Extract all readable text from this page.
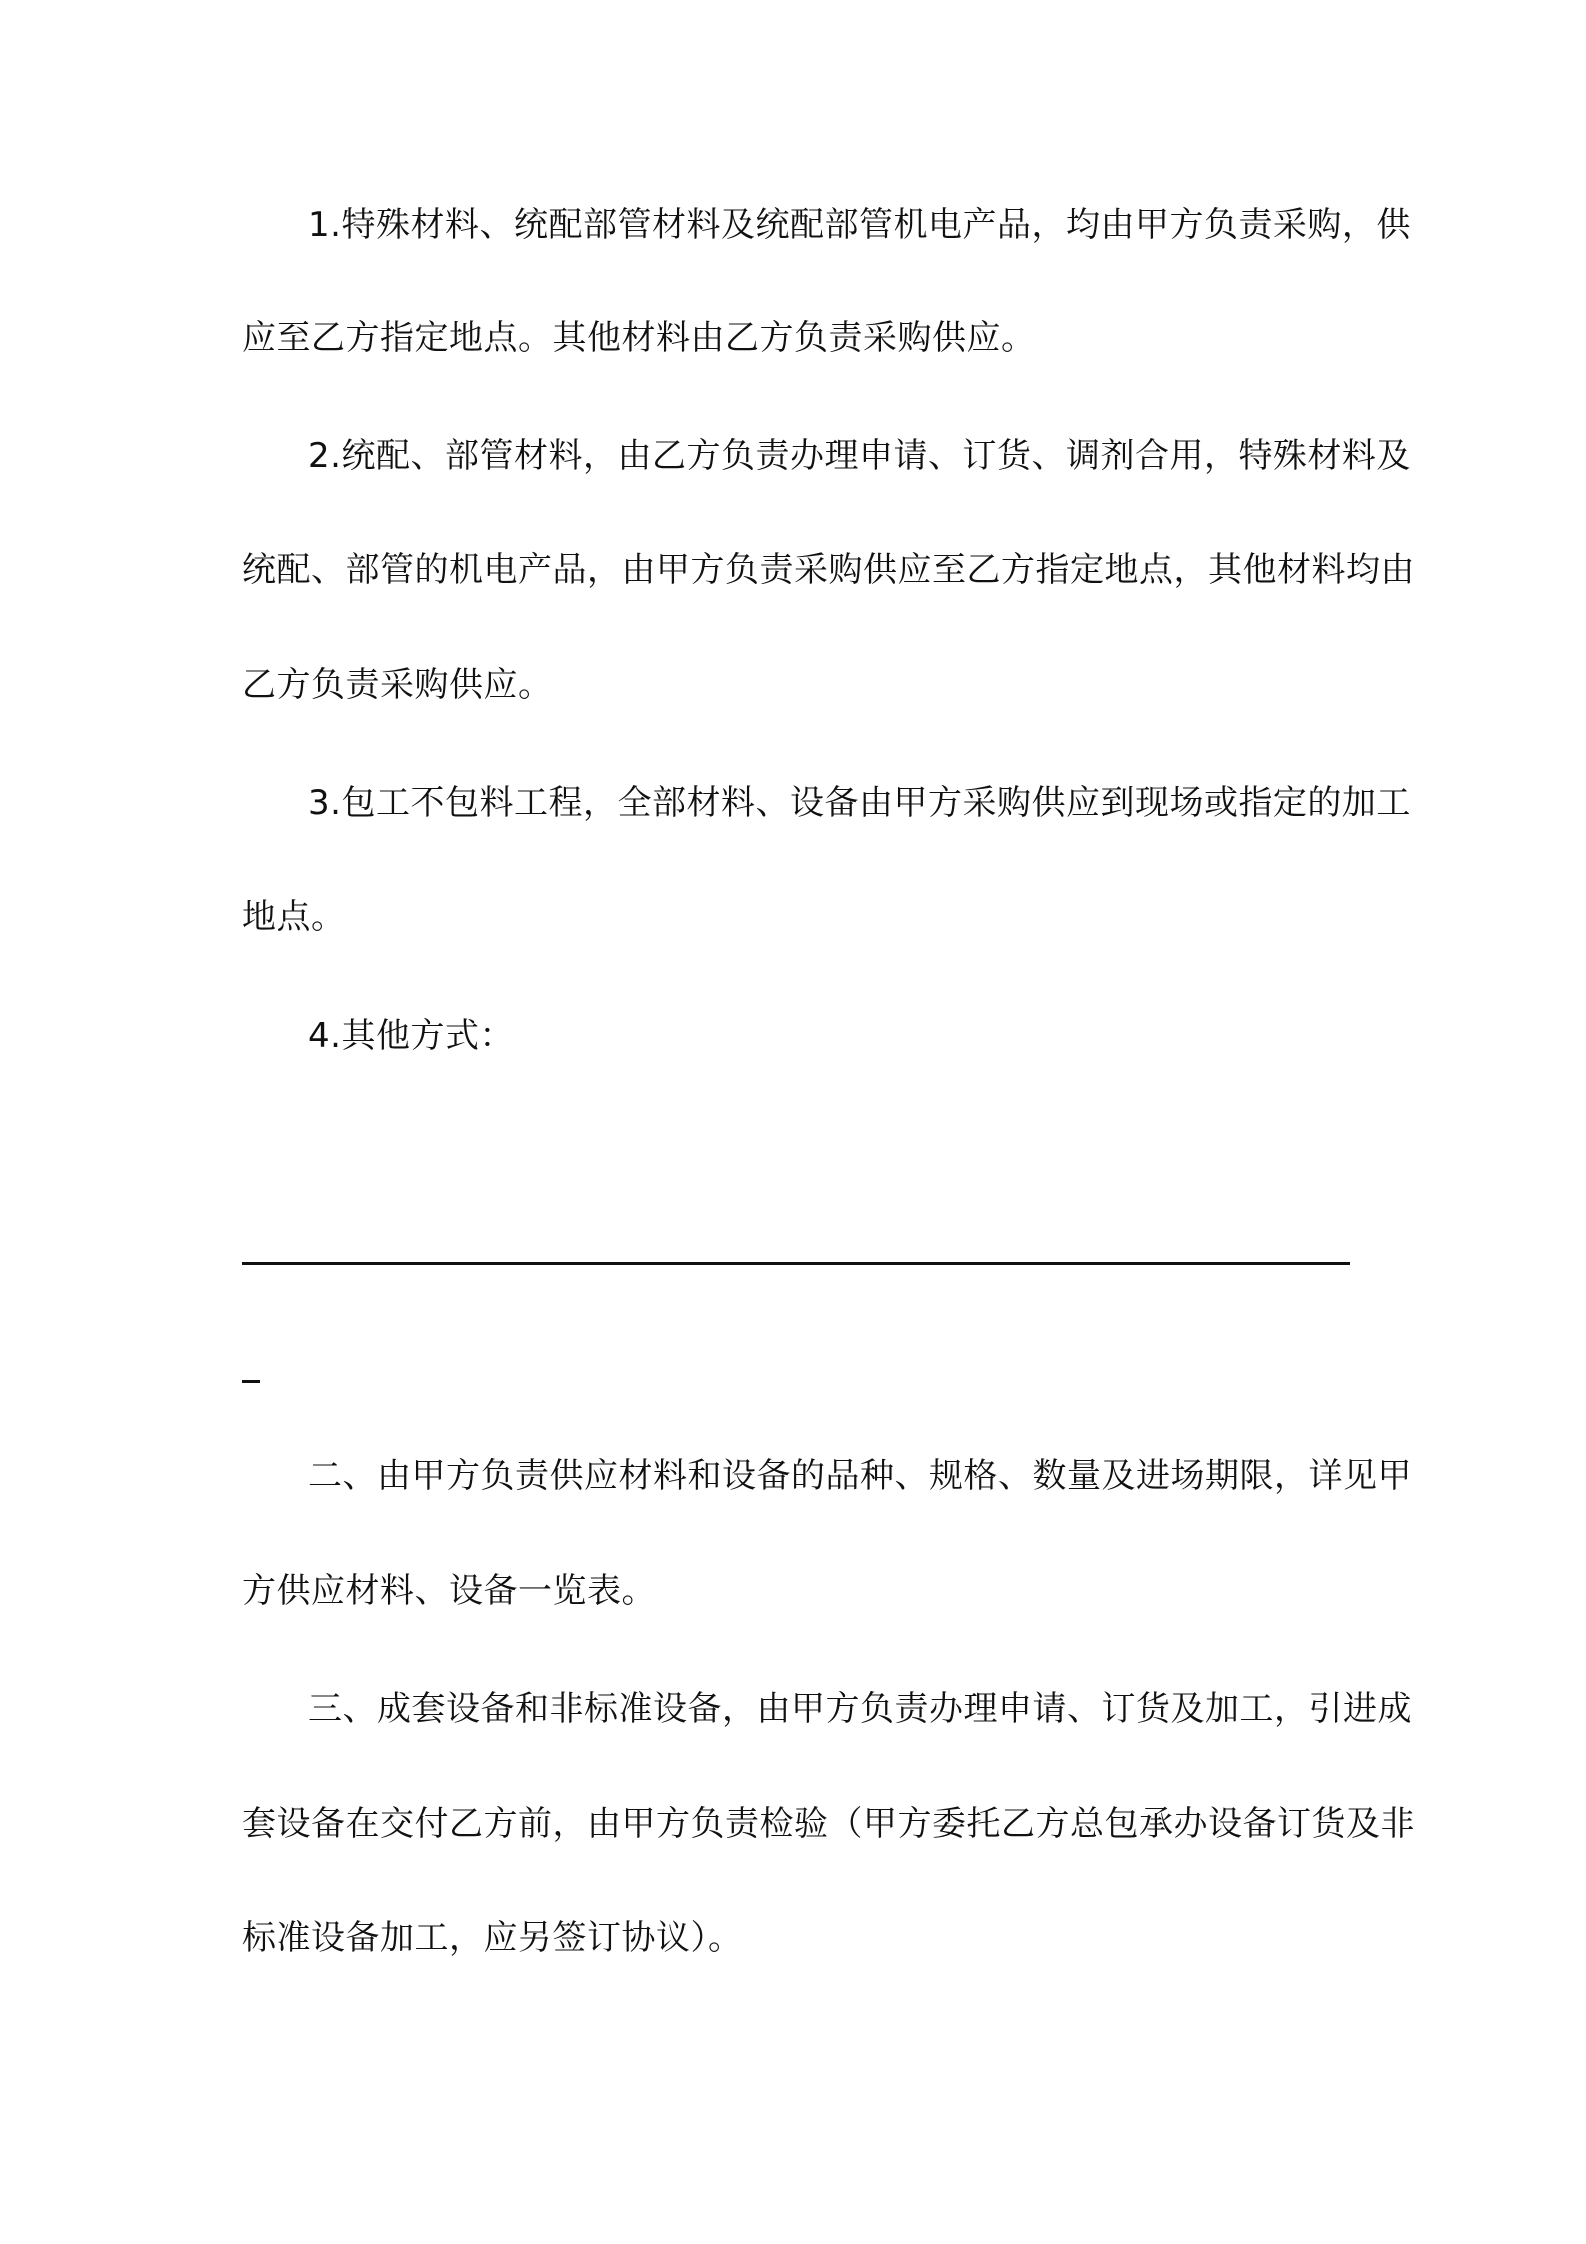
1.特殊材料、统配部管材料及统配部管机电产品，均由甲方负责采购，供
应至乙方指定地点。其他材料由乙方负责采购供应。
2.统配、部管材料，由乙方负责办理申请、订货、调剂合用，特殊材料及
统配、部管的机电产品，由甲方负责采购供应至乙方指定地点，其他材料均由
乙方负责采购供应。
3.包工不包料工程，全部材料、设备由甲方采购供应到现场或指定的加工
地点。
4.其他方式：
二、由甲方负责供应材料和设备的品种、规格、数量及进场期限，详见甲
方供应材料、设备一览表。
三、成套设备和非标准设备，由甲方负责办理申请、订货及加工，引进成
套设备在交付乙方前，由甲方负责检验（甲方委托乙方总包承办设备订货及非
标准设备加工，应另签订协议）。
